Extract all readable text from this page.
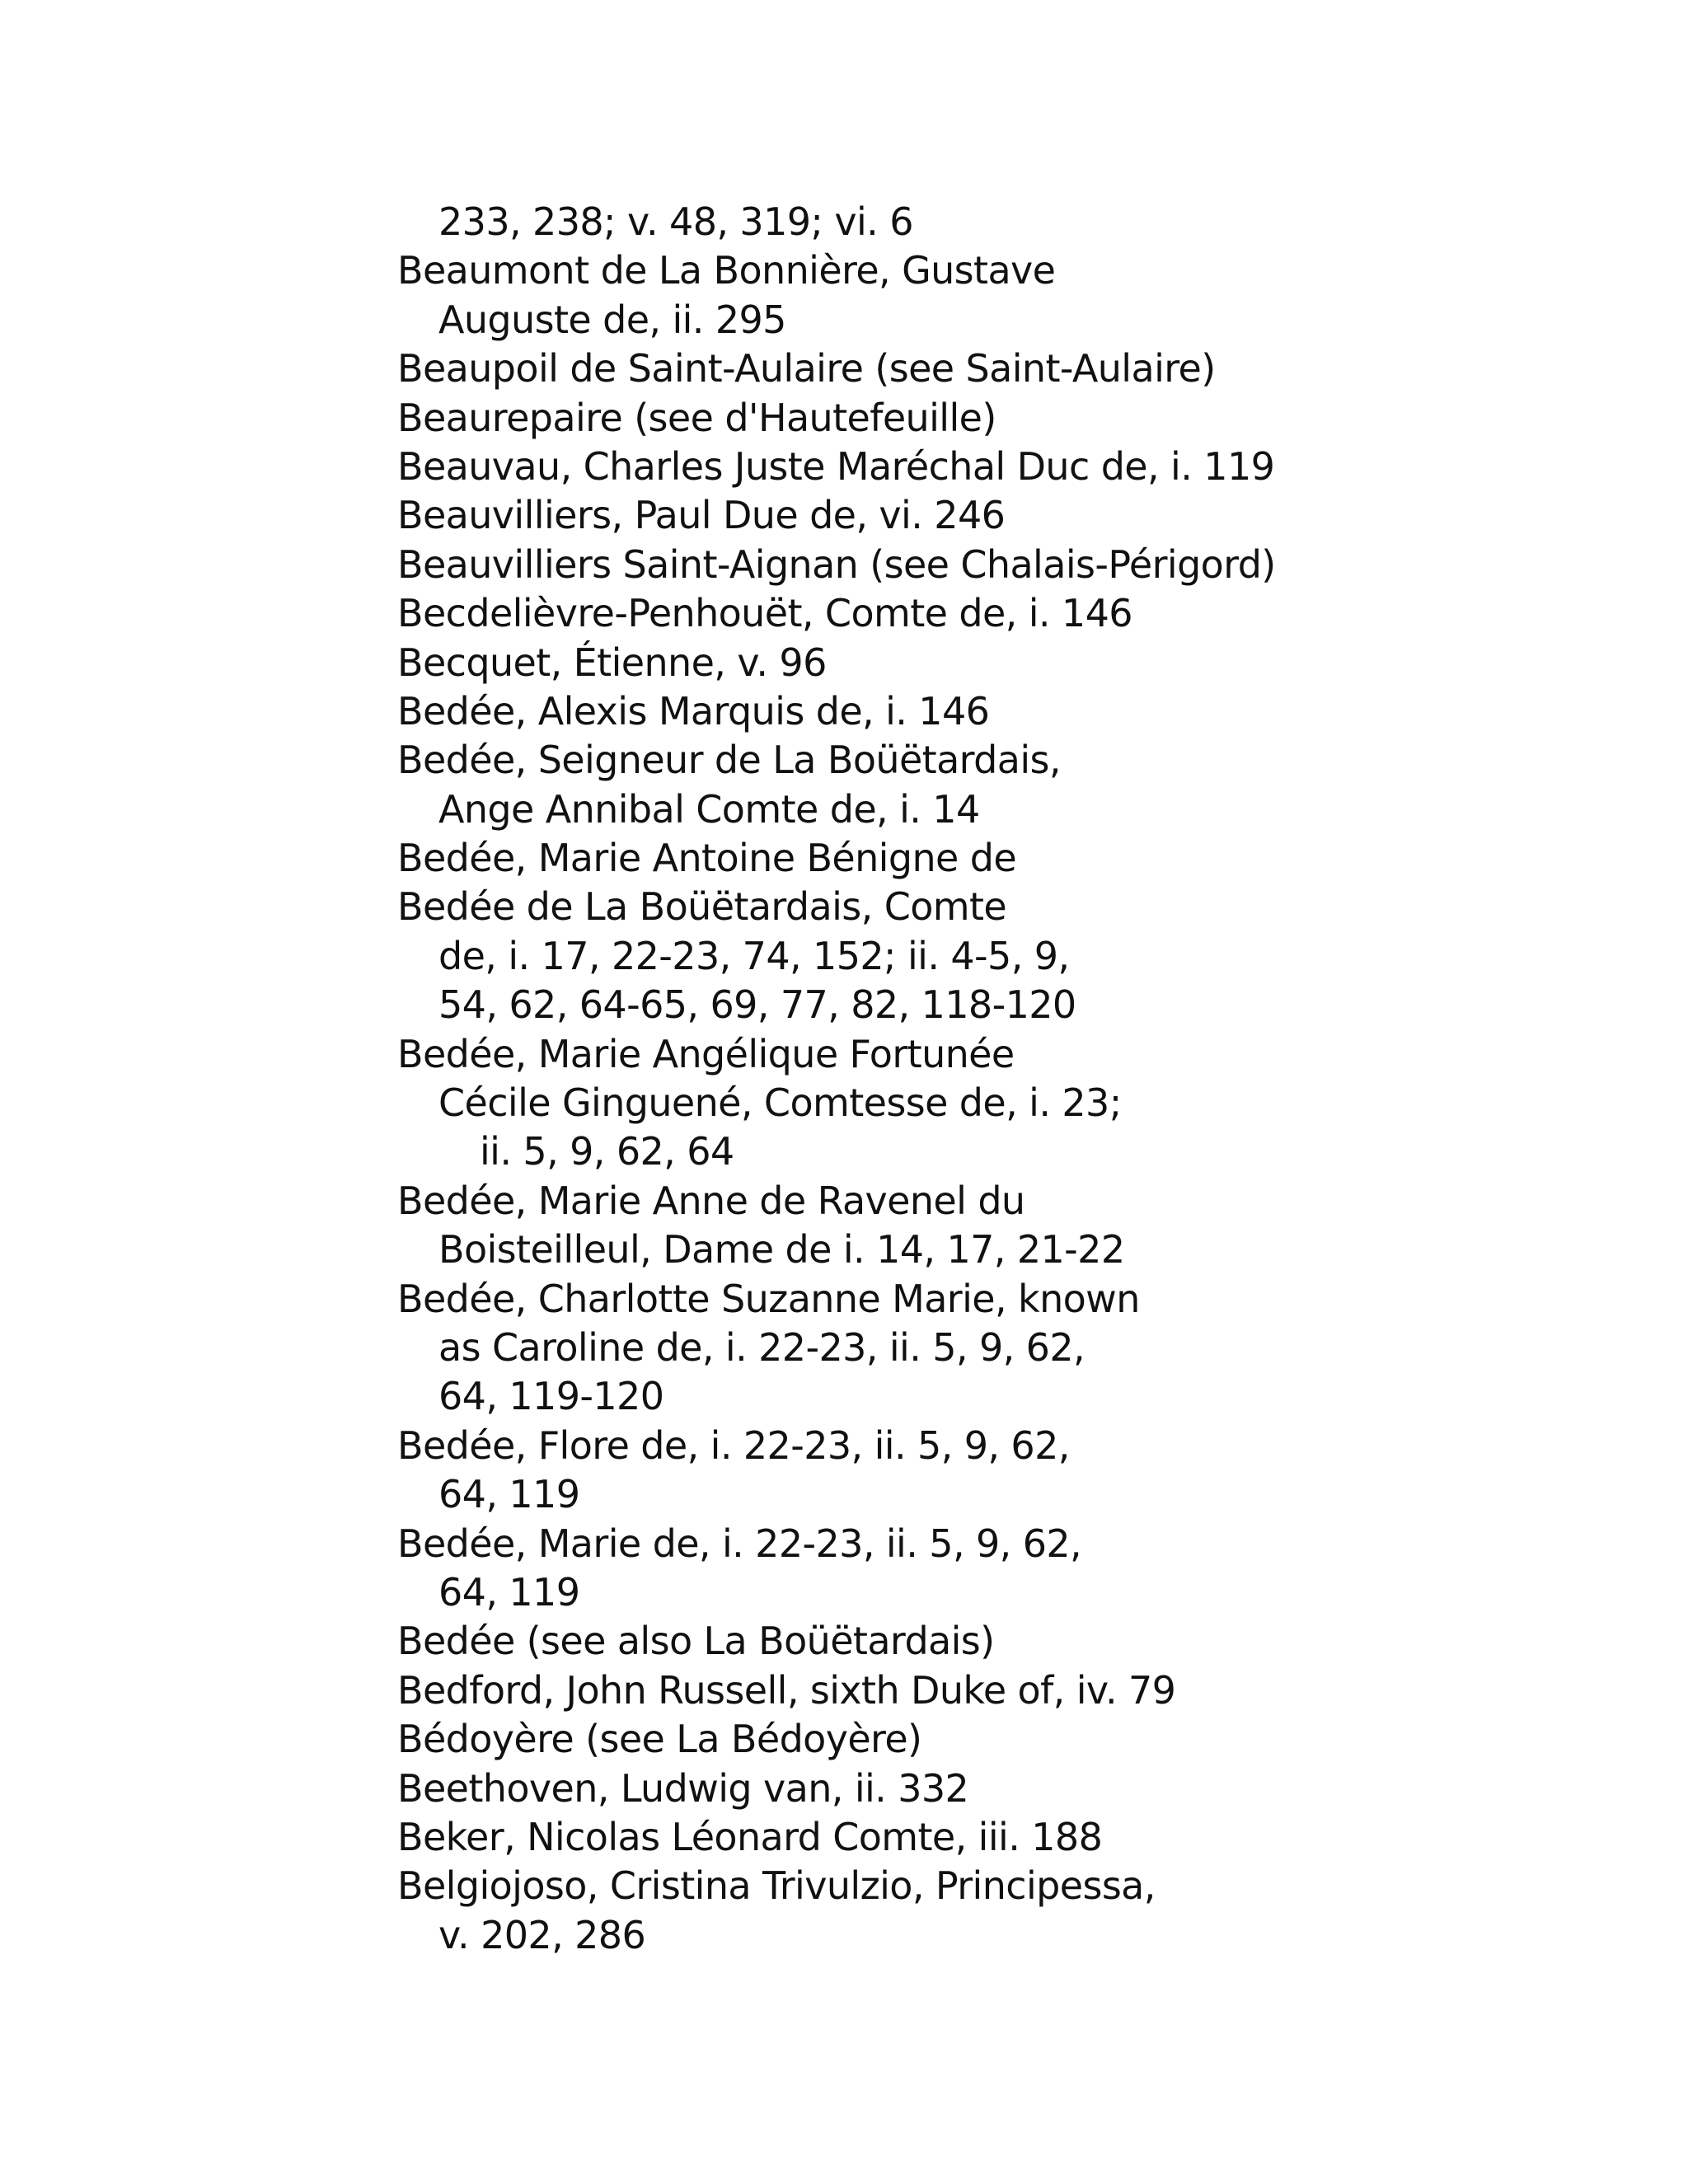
233, 238; v. 48, 319; vi. 6
Beaumont de La Bonnière, Gustave
Auguste de, ii. 295
Beaupoil de Saint-Aulaire (see Saint-Aulaire)
Beaurepaire (see d'Hautefeuille)
Beauvau, Charles Juste Maréchal Duc de, i. 119
Beauvilliers, Paul Due de, vi. 246
Beauvilliers Saint-Aignan (see Chalais-Périgord)
Becdelièvre-Penhouët, Comte de, i. 146
Becquet, Étienne, v. 96
Bedée, Alexis Marquis de, i. 146
Bedée, Seigneur de La Boüëtardais,
Ange Annibal Comte de, i. 14
Bedée, Marie Antoine Bénigne de
Bedée de La Boüëtardais, Comte
de, i. 17, 22-23, 74, 152; ii. 4-5, 9,
54, 62, 64-65, 69, 77, 82, 118-120
Bedée, Marie Angélique Fortunée
Cécile Ginguené, Comtesse de, i. 23;
ii. 5, 9, 62, 64
Bedée, Marie Anne de Ravenel du
Boisteilleul, Dame de i. 14, 17, 21-22
Bedée, Charlotte Suzanne Marie, known
as Caroline de, i. 22-23, ii. 5, 9, 62,
64, 119-120
Bedée, Flore de, i. 22-23, ii. 5, 9, 62,
64, 119
Bedée, Marie de, i. 22-23, ii. 5, 9, 62,
64, 119
Bedée (see also La Boüëtardais)
Bedford, John Russell, sixth Duke of, iv. 79
Bédoyère (see La Bédoyère)
Beethoven, Ludwig van, ii. 332
Beker, Nicolas Léonard Comte, iii. 188
Belgiojoso, Cristina Trivulzio, Principessa,
v. 202, 286
